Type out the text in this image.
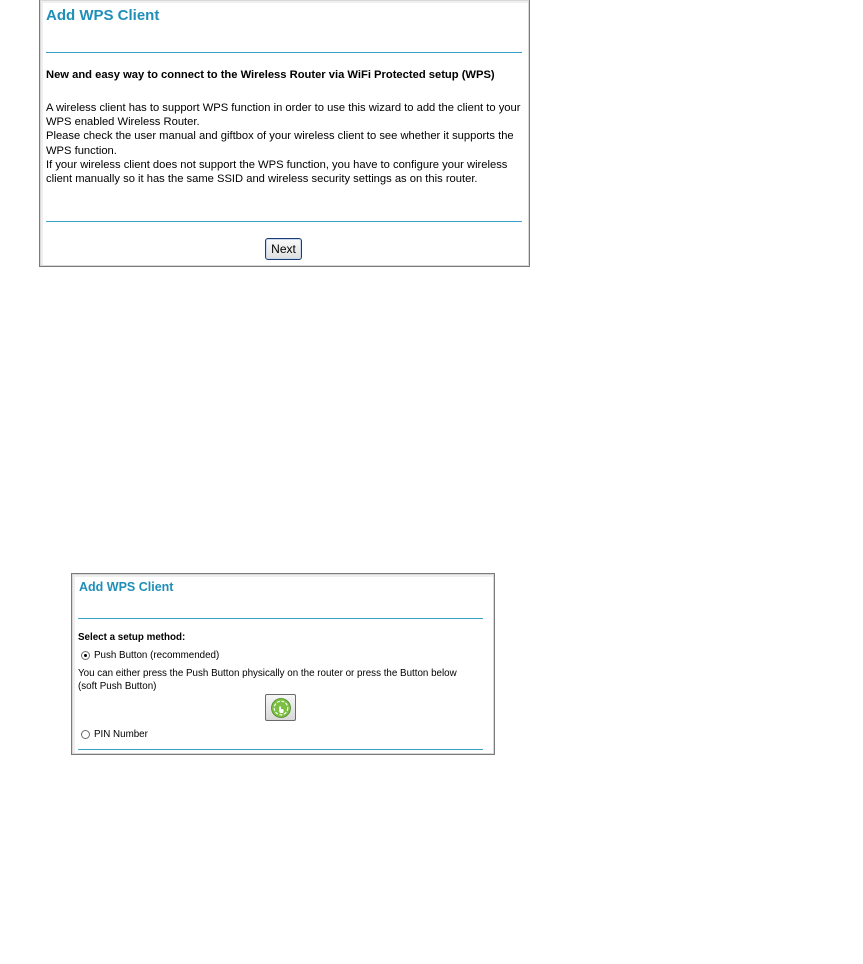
Add WPS Client
New and easy way to connect to the Wireless Router via WiFi Protected setup (WPS)

A wireless client has to support WPS function in order to use this wizard to add the client to your WPS enabled Wireless Router.

Please check the user manual and giftbox of your wireless client to see whether it supports the WPS function.

If your wireless client does not support the WPS function, you have to configure your wireless client manually so it has the same SSID and wireless security settings as on this router.

Next
Add WPS Client
Select a setup method:
Push Button (recommended)

You can either press the Push Button physically on the router or press the Button below

(soft Push Button)

PIN Number
